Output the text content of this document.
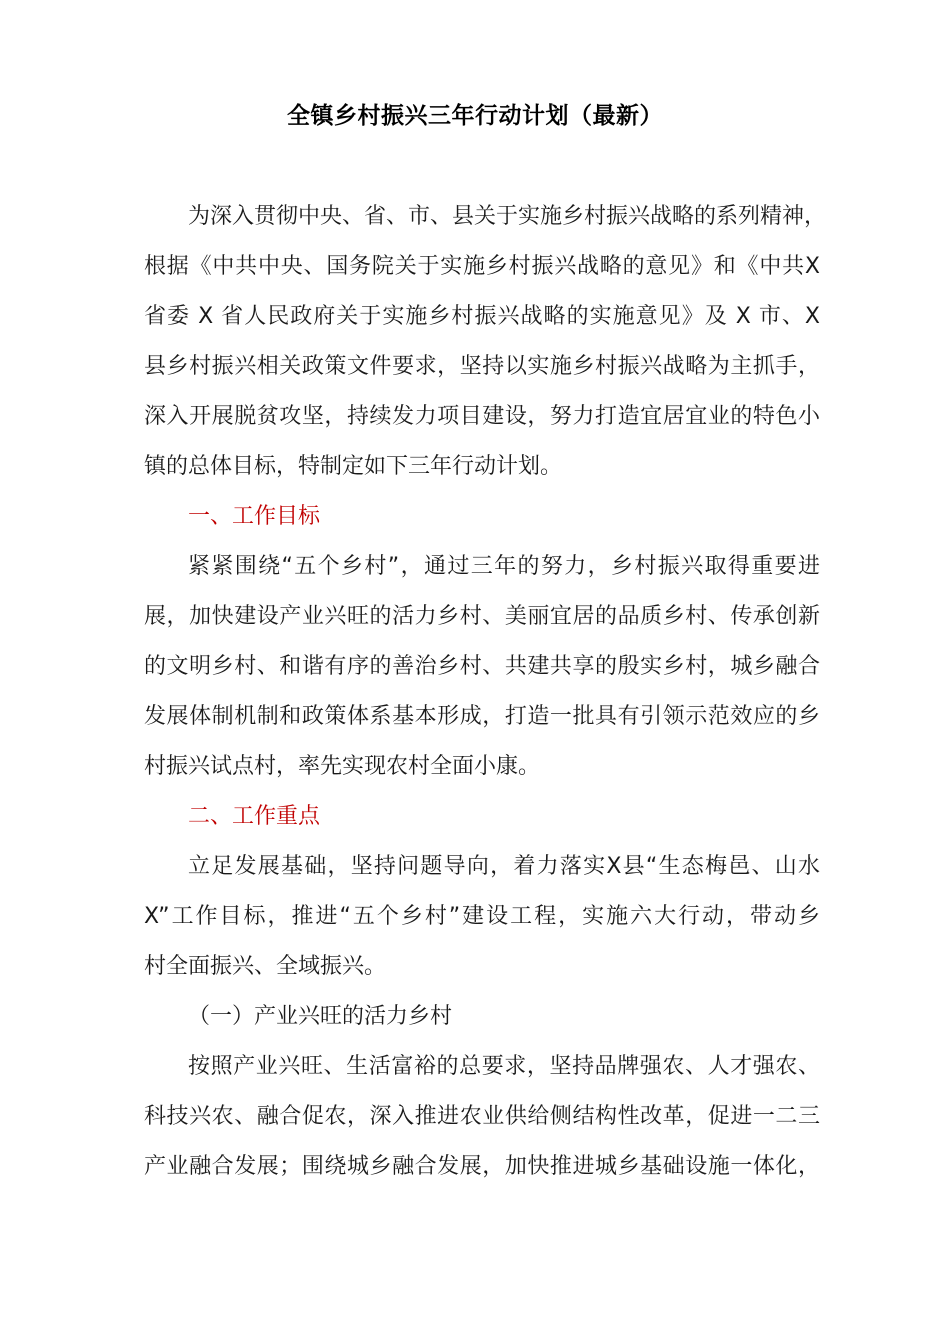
全镇乡村振兴三年行动计划（最新）
为深入贯彻中央、省、市、县关于实施乡村振兴战略的系列精神，
根据《中共中央、国务院关于实施乡村振兴战略的意见》和《中共X
省委 X 省人民政府关于实施乡村振兴战略的实施意见》及 X 市、X
县乡村振兴相关政策文件要求，坚持以实施乡村振兴战略为主抓手，
深入开展脱贫攻坚，持续发力项目建设，努力打造宜居宜业的特色小
镇的总体目标，特制定如下三年行动计划。
一、工作目标
紧紧围绕“五个乡村”，通过三年的努力，乡村振兴取得重要进
展，加快建设产业兴旺的活力乡村、美丽宜居的品质乡村、传承创新
的文明乡村、和谐有序的善治乡村、共建共享的殷实乡村，城乡融合
发展体制机制和政策体系基本形成，打造一批具有引领示范效应的乡
村振兴试点村，率先实现农村全面小康。
二、工作重点
立足发展基础，坚持问题导向，着力落实X县“生态梅邑、山水
X”工作目标，推进“五个乡村”建设工程，实施六大行动，带动乡
村全面振兴、全域振兴。
（一）产业兴旺的活力乡村
按照产业兴旺、生活富裕的总要求，坚持品牌强农、人才强农、
科技兴农、融合促农，深入推进农业供给侧结构性改革，促进一二三
产业融合发展；围绕城乡融合发展，加快推进城乡基础设施一体化，
